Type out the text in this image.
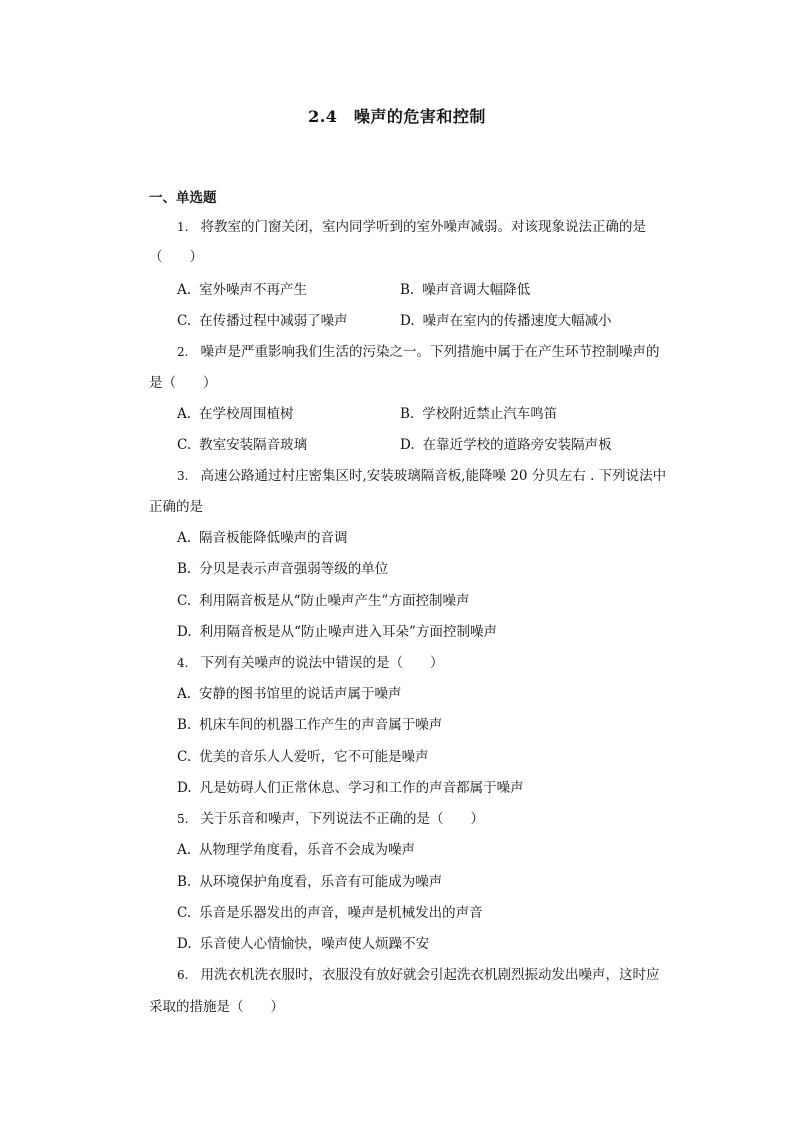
2.4　噪声的危害和控制
一、单选题
1. 将教室的门窗关闭，室内同学听到的室外噪声减弱。对该现象说法正确的是
（　　）
A. 室外噪声不再产生	B. 噪声音调大幅降低
C. 在传播过程中减弱了噪声	D. 噪声在室内的传播速度大幅减小
2. 噪声是严重影响我们生活的污染之一。下列措施中属于在产生环节控制噪声的
是（　　）
A. 在学校周围植树	B. 学校附近禁止汽车鸣笛
C. 教室安装隔音玻璃	D. 在靠近学校的道路旁安装隔声板
3. 高速公路通过村庄密集区时,安装玻璃隔音板,能降噪 20 分贝左右 . 下列说法中
正确的是
A. 隔音板能降低噪声的音调
B. 分贝是表示声音强弱等级的单位
C. 利用隔音板是从“防止噪声产生”方面控制噪声
D. 利用隔音板是从“防止噪声进入耳朵”方面控制噪声
4. 下列有关噪声的说法中错误的是（　　）
A. 安静的图书馆里的说话声属于噪声
B. 机床车间的机器工作产生的声音属于噪声
C. 优美的音乐人人爱听，它不可能是噪声
D. 凡是妨碍人们正常休息、学习和工作的声音都属于噪声
5. 关于乐音和噪声，下列说法不正确的是（　　）
A. 从物理学角度看，乐音不会成为噪声
B. 从环境保护角度看，乐音有可能成为噪声
C. 乐音是乐器发出的声音，噪声是机械发出的声音
D. 乐音使人心情愉快，噪声使人烦躁不安
6. 用洗衣机洗衣服时，衣服没有放好就会引起洗衣机剧烈振动发出噪声，这时应
采取的措施是（　　）
